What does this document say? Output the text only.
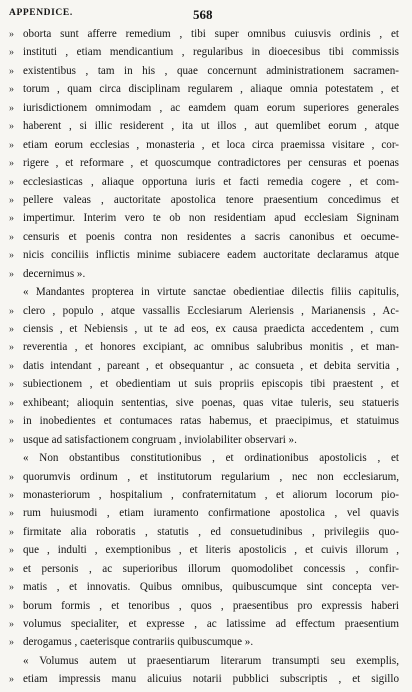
APPENDICE.	568
» oborta sunt afferre remedium , tibi super omnibus cuiusvis ordinis , et
» instituti , etiam mendicantium , regularibus in dioecesibus tibi commissis
» existentibus , tam in his , quae concernunt administrationem sacramen-
» torum , quam circa disciplinam regularem , aliaque omnia potestatem , et
» iurisdictionem omnimodam , ac eamdem quam eorum superiores generales
» haberent , si illic residerent , ita ut illos , aut quemlibet eorum , atque
» etiam eorum ecclesias , monasteria , et loca circa praemissa visitare , cor-
» rigere , et reformare , et quoscumque contradictores per censuras et poenas
» ecclesiasticas , aliaque opportuna iuris et facti remedia cogere , et com-
» pellere valeas , auctoritate apostolica tenore praesentium concedimus et
» impertimur. Interim vero te ob non residentiam apud ecclesiam Signinam
» censuris et poenis contra non residentes a sacris canonibus et oecume-
» nicis conciliis inflictis minime subiacere eadem auctoritate declaramus atque
» decernimus ».
« Mandantes propterea in virtute sanctae obedientiae dilectis filiis capitulis,
» clero , populo , atque vassallis Ecclesiarum Aleriensis , Marianensis , Ac-
» ciensis , et Nebiensis , ut te ad eos, ex causa praedicta accedentem , cum
» reverentia , et honores excipiant, ac omnibus salubribus monitis , et man-
» datis intendant , pareant , et obsequantur , ac consueta , et debita servitia ,
» subiectionem , et obedientiam ut suis propriis episcopis tibi praestent , et
» exhibeant; alioquin sententias, sive poenas, quas vitae tuleris, seu statueris
» in inobedientes et contumaces ratas habemus, et praecipimus, et statuimus
» usque ad satisfactionem congruam , inviolabiliter observari ».
« Non obstantibus constitutionibus , et ordinationibus apostolicis , et
» quorumvis ordinum , et institutorum regularium , nec non ecclesiarum,
» monasteriorum , hospitalium , confraternitatum , et aliorum locorum pio-
» rum huiusmodi , etiam iuramento confirmatione apostolica , vel quavis
» firmitate alia roboratis , statutis , ed consuetudinibus , privilegiis quo-
» que , indulti , exemptionibus , et literis apostolicis , et cuivis illorum ,
» et personis , ac superioribus illorum quomodolibet concessis , confir-
» matis , et innovatis. Quibus omnibus, quibuscumque sint concepta ver-
» borum formis , et tenoribus , quos , praesentibus pro expressis haberi
» volumus specialiter, et expresse , ac latissime ad effectum praesentium
» derogamus , caeterisque contrariis quibuscumque ».
« Volumus autem ut praesentiarum literarum transumpti seu exemplis,
» etiam impressis manu alicuius notarii pubblici subscriptis , et sigillo
